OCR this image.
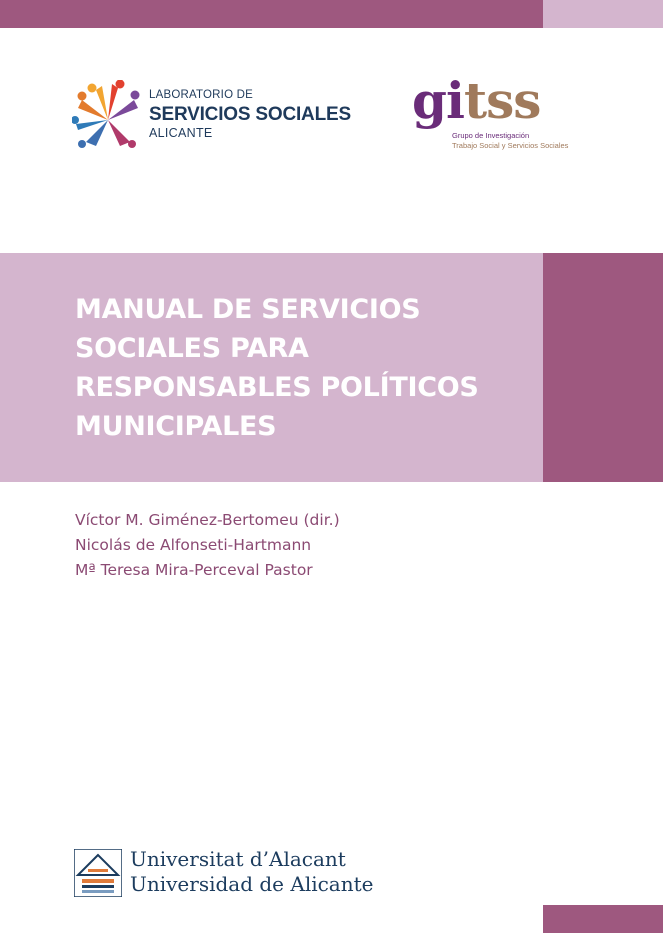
LABORATORIO DE
SERVICIOS SOCIALES
ALICANTE
gitss
Grupo de Investigación
Trabajo Social y Servicios Sociales
MANUAL DE SERVICIOS
SOCIALES PARA
RESPONSABLES POLÍTICOS
MUNICIPALES
Víctor M. Giménez-Bertomeu (dir.)
Nicolás de Alfonseti-Hartmann
Mª Teresa Mira-Perceval Pastor
Universitat d’Alacant
Universidad de Alicante
